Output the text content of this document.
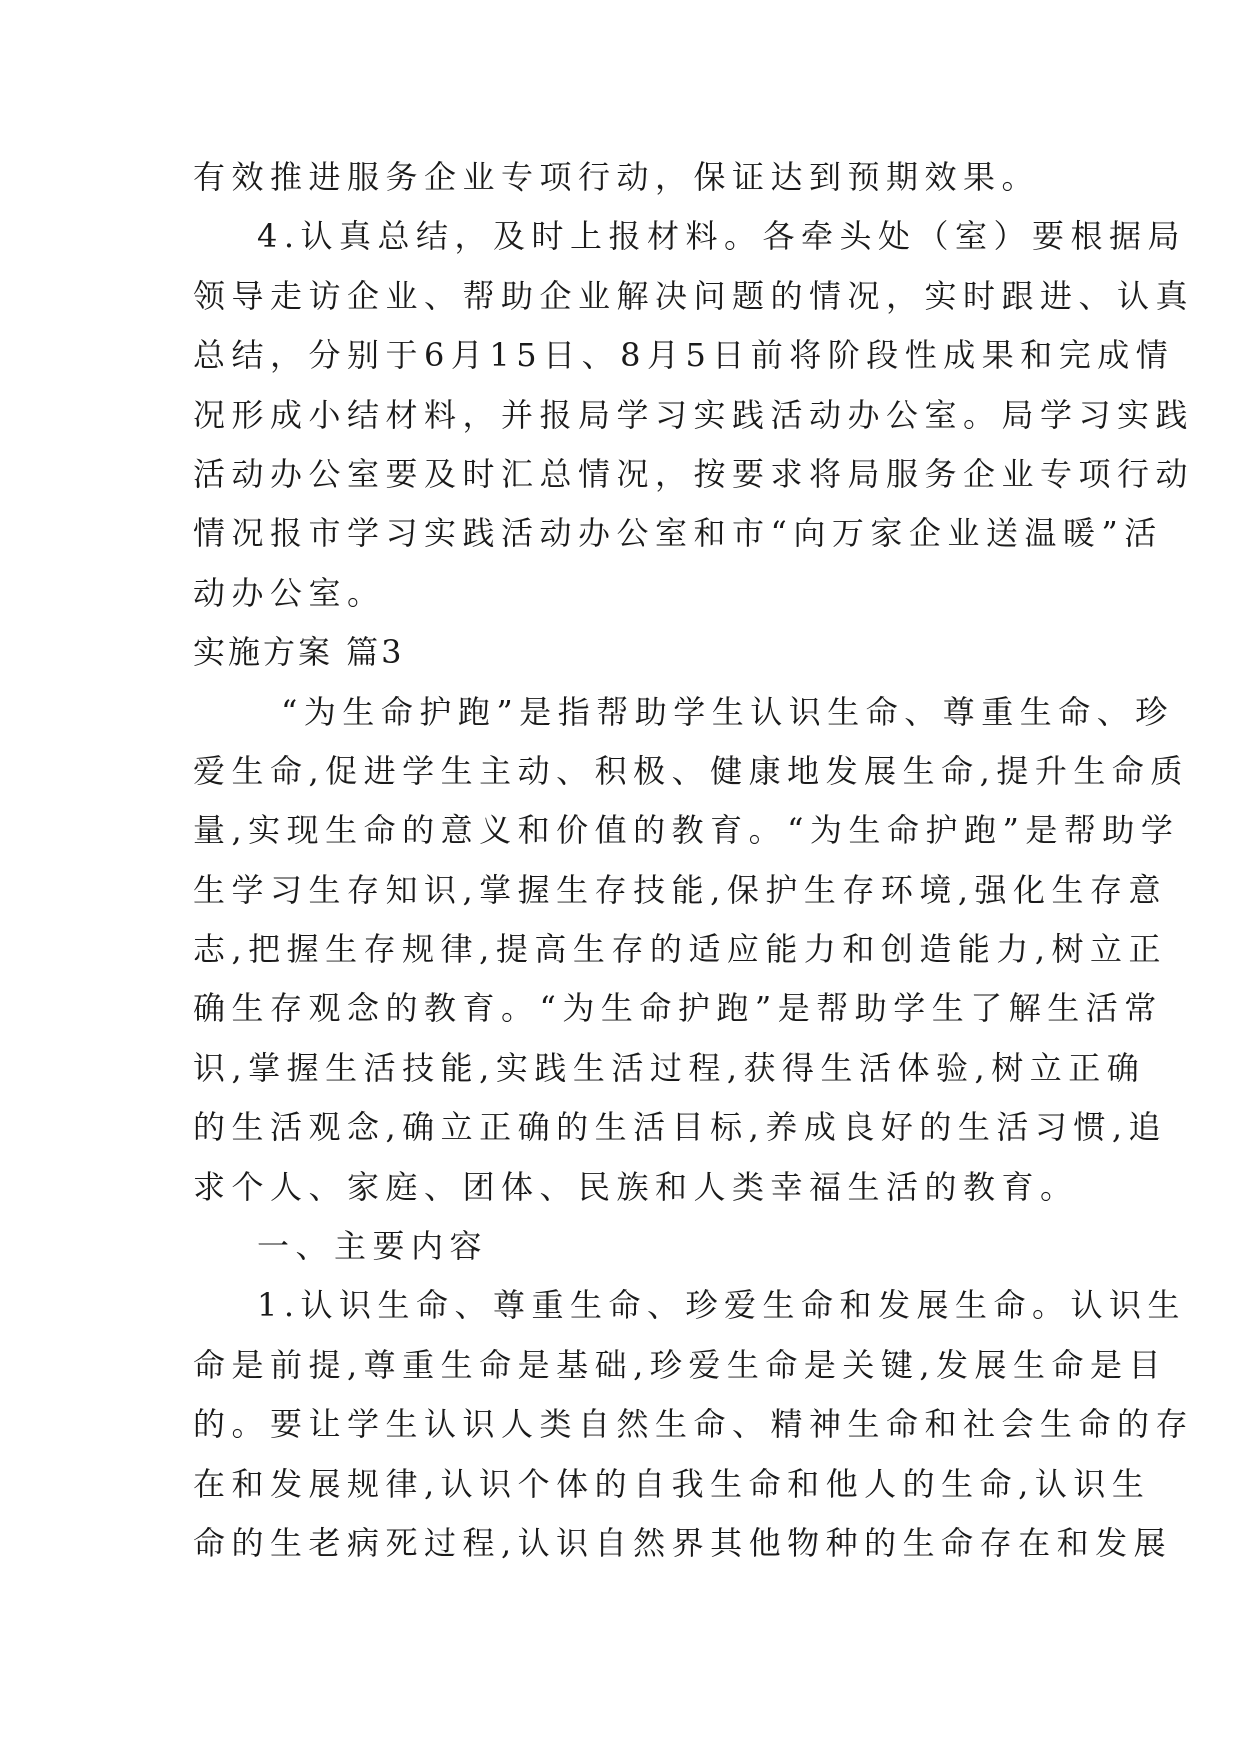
有效推进服务企业专项行动，保证达到预期效果。
4.认真总结，及时上报材料。各牵头处（室）要根据局
领导走访企业、帮助企业解决问题的情况，实时跟进、认真
总结，分别于6月15日、8月5日前将阶段性成果和完成情
况形成小结材料，并报局学习实践活动办公室。局学习实践
活动办公室要及时汇总情况，按要求将局服务企业专项行动
情况报市学习实践活动办公室和市“向万家企业送温暖”活
动办公室。
实施方案 篇3
“为生命护跑”是指帮助学生认识生命、尊重生命、珍
爱生命,促进学生主动、积极、健康地发展生命,提升生命质
量,实现生命的意义和价值的教育。“为生命护跑”是帮助学
生学习生存知识,掌握生存技能,保护生存环境,强化生存意
志,把握生存规律,提高生存的适应能力和创造能力,树立正
确生存观念的教育。“为生命护跑”是帮助学生了解生活常
识,掌握生活技能,实践生活过程,获得生活体验,树立正确
的生活观念,确立正确的生活目标,养成良好的生活习惯,追
求个人、家庭、团体、民族和人类幸福生活的教育。
一、主要内容
1.认识生命、尊重生命、珍爱生命和发展生命。认识生
命是前提,尊重生命是基础,珍爱生命是关键,发展生命是目
的。要让学生认识人类自然生命、精神生命和社会生命的存
在和发展规律,认识个体的自我生命和他人的生命,认识生
命的生老病死过程,认识自然界其他物种的生命存在和发展
